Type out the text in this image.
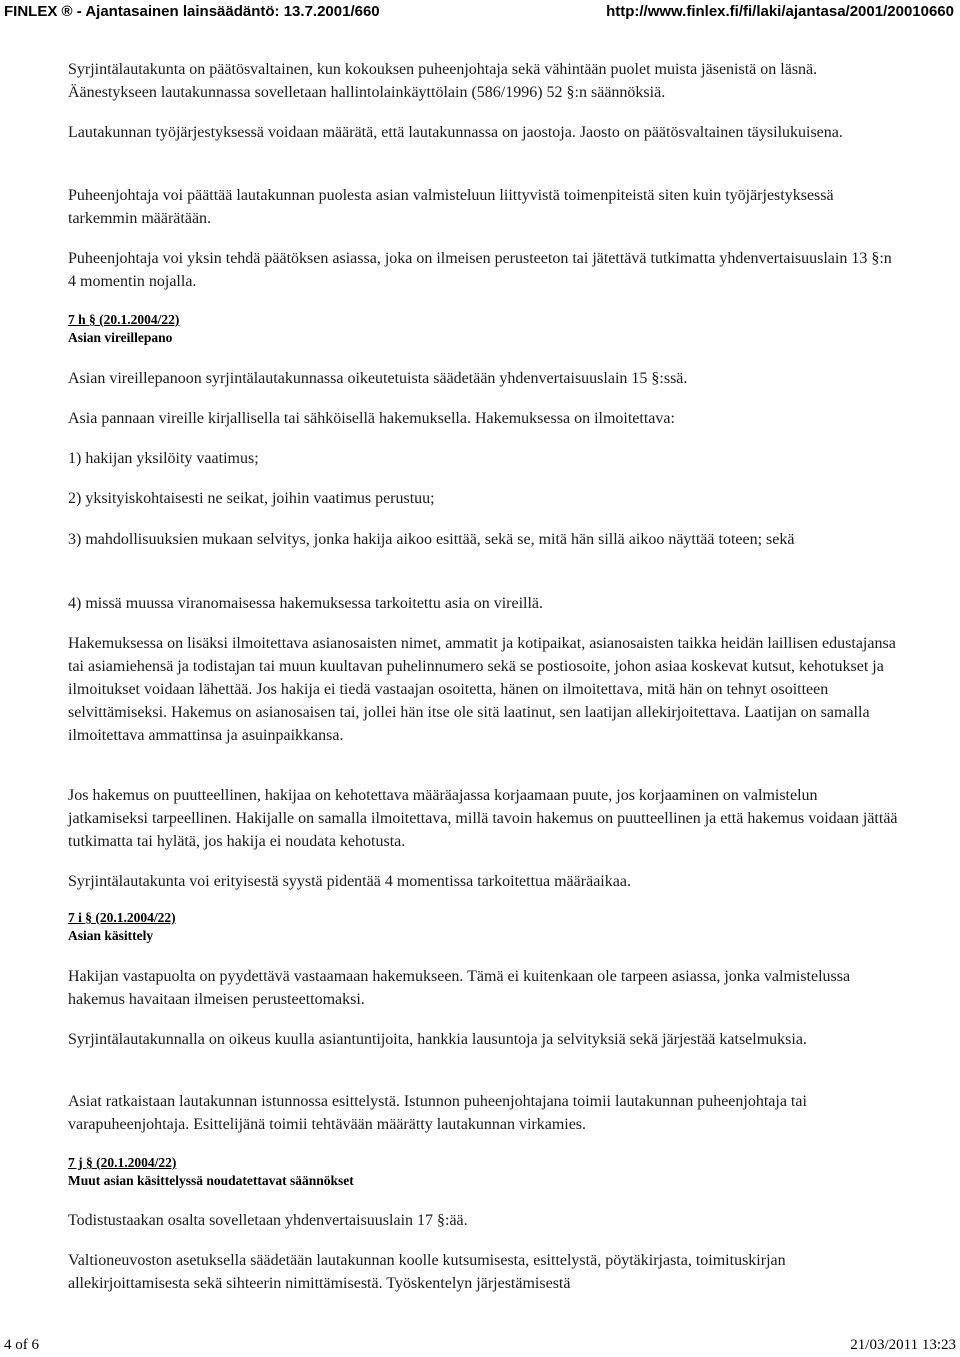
FINLEX ® - Ajantasainen lainsäädäntö: 13.7.2001/660	http://www.finlex.fi/fi/laki/ajantasa/2001/20010660

Syrjintälautakunta on päätösvaltainen, kun kokouksen puheenjohtaja sekä vähintään puolet muista jäsenistä on läsnä. Äänestykseen lautakunnassa sovelletaan hallintolainkäyttölain (586/1996) 52 §:n säännöksiä.

Lautakunnan työjärjestyksessä voidaan määrätä, että lautakunnassa on jaostoja. Jaosto on päätösvaltainen täysilukuisena.

Puheenjohtaja voi päättää lautakunnan puolesta asian valmisteluun liittyvistä toimenpiteistä siten kuin työjärjestyksessä tarkemmin määrätään.

Puheenjohtaja voi yksin tehdä päätöksen asiassa, joka on ilmeisen perusteeton tai jätettävä tutkimatta yhdenvertaisuuslain 13 §:n 4 momentin nojalla.

7 h § (20.1.2004/22)
Asian vireillepano

Asian vireillepanoon syrjintälautakunnassa oikeutetuista säädetään yhdenvertaisuuslain 15 §:ssä.

Asia pannaan vireille kirjallisella tai sähköisellä hakemuksella. Hakemuksessa on ilmoitettava:

1) hakijan yksilöity vaatimus;

2) yksityiskohtaisesti ne seikat, joihin vaatimus perustuu;

3) mahdollisuuksien mukaan selvitys, jonka hakija aikoo esittää, sekä se, mitä hän sillä aikoo näyttää toteen; sekä

4) missä muussa viranomaisessa hakemuksessa tarkoitettu asia on vireillä.

Hakemuksessa on lisäksi ilmoitettava asianosaisten nimet, ammatit ja kotipaikat, asianosaisten taikka heidän laillisen edustajansa tai asiamiehensä ja todistajan tai muun kuultavan puhelinnumero sekä se postiosoite, johon asiaa koskevat kutsut, kehotukset ja ilmoitukset voidaan lähettää. Jos hakija ei tiedä vastaajan osoitetta, hänen on ilmoitettava, mitä hän on tehnyt osoitteen selvittämiseksi. Hakemus on asianosaisen tai, jollei hän itse ole sitä laatinut, sen laatijan allekirjoitettava. Laatijan on samalla ilmoitettava ammattinsa ja asuinpaikkansa.

Jos hakemus on puutteellinen, hakijaa on kehotettava määräajassa korjaamaan puute, jos korjaaminen on valmistelun jatkamiseksi tarpeellinen. Hakijalle on samalla ilmoitettava, millä tavoin hakemus on puutteellinen ja että hakemus voidaan jättää tutkimatta tai hylätä, jos hakija ei noudata kehotusta.

Syrjintälautakunta voi erityisestä syystä pidentää 4 momentissa tarkoitettua määräaikaa.

7 i § (20.1.2004/22)
Asian käsittely

Hakijan vastapuolta on pyydettävä vastaamaan hakemukseen. Tämä ei kuitenkaan ole tarpeen asiassa, jonka valmistelussa hakemus havaitaan ilmeisen perusteettomaksi.

Syrjintälautakunnalla on oikeus kuulla asiantuntijoita, hankkia lausuntoja ja selvityksiä sekä järjestää katselmuksia.

Asiat ratkaistaan lautakunnan istunnossa esittelystä. Istunnon puheenjohtajana toimii lautakunnan puheenjohtaja tai varapuheenjohtaja. Esittelijänä toimii tehtävään määrätty lautakunnan virkamies.

7 j § (20.1.2004/22)
Muut asian käsittelyssä noudatettavat säännökset

Todistustaakan osalta sovelletaan yhdenvertaisuuslain 17 §:ää.

Valtioneuvoston asetuksella säädetään lautakunnan koolle kutsumisesta, esittelystä, pöytäkirjasta, toimituskirjan allekirjoittamisesta sekä sihteerin nimittämisestä. Työskentelyn järjestämisestä

4 of 6	21/03/2011 13:23
